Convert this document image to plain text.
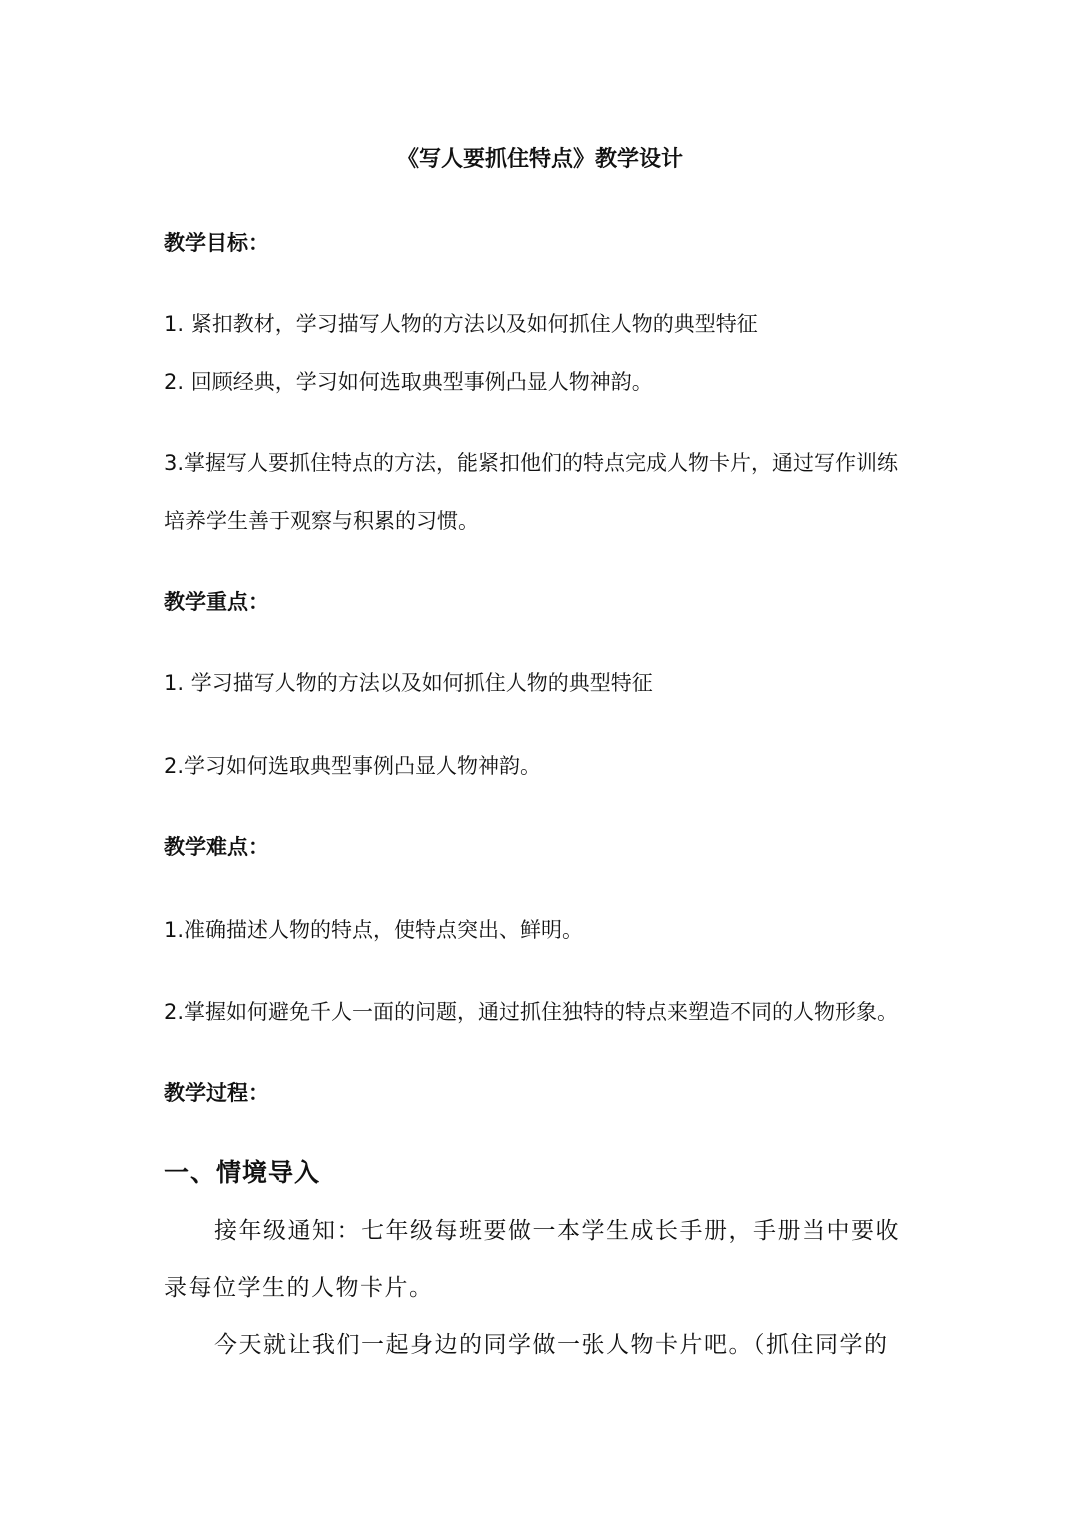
《写人要抓住特点》教学设计
教学目标：
1. 紧扣教材，学习描写人物的方法以及如何抓住人物的典型特征
2. 回顾经典，学习如何选取典型事例凸显人物神韵。
3.掌握写人要抓住特点的方法，能紧扣他们的特点完成人物卡片，通过写作训练
培养学生善于观察与积累的习惯。
教学重点：
1. 学习描写人物的方法以及如何抓住人物的典型特征
2.学习如何选取典型事例凸显人物神韵。
教学难点：
1.准确描述人物的特点，使特点突出、鲜明。
2.掌握如何避免千人一面的问题，通过抓住独特的特点来塑造不同的人物形象。
教学过程：
一、情境导入
接年级通知：七年级每班要做一本学生成长手册，手册当中要收
录每位学生的人物卡片。
今天就让我们一起身边的同学做一张人物卡片吧。（抓住同学的
